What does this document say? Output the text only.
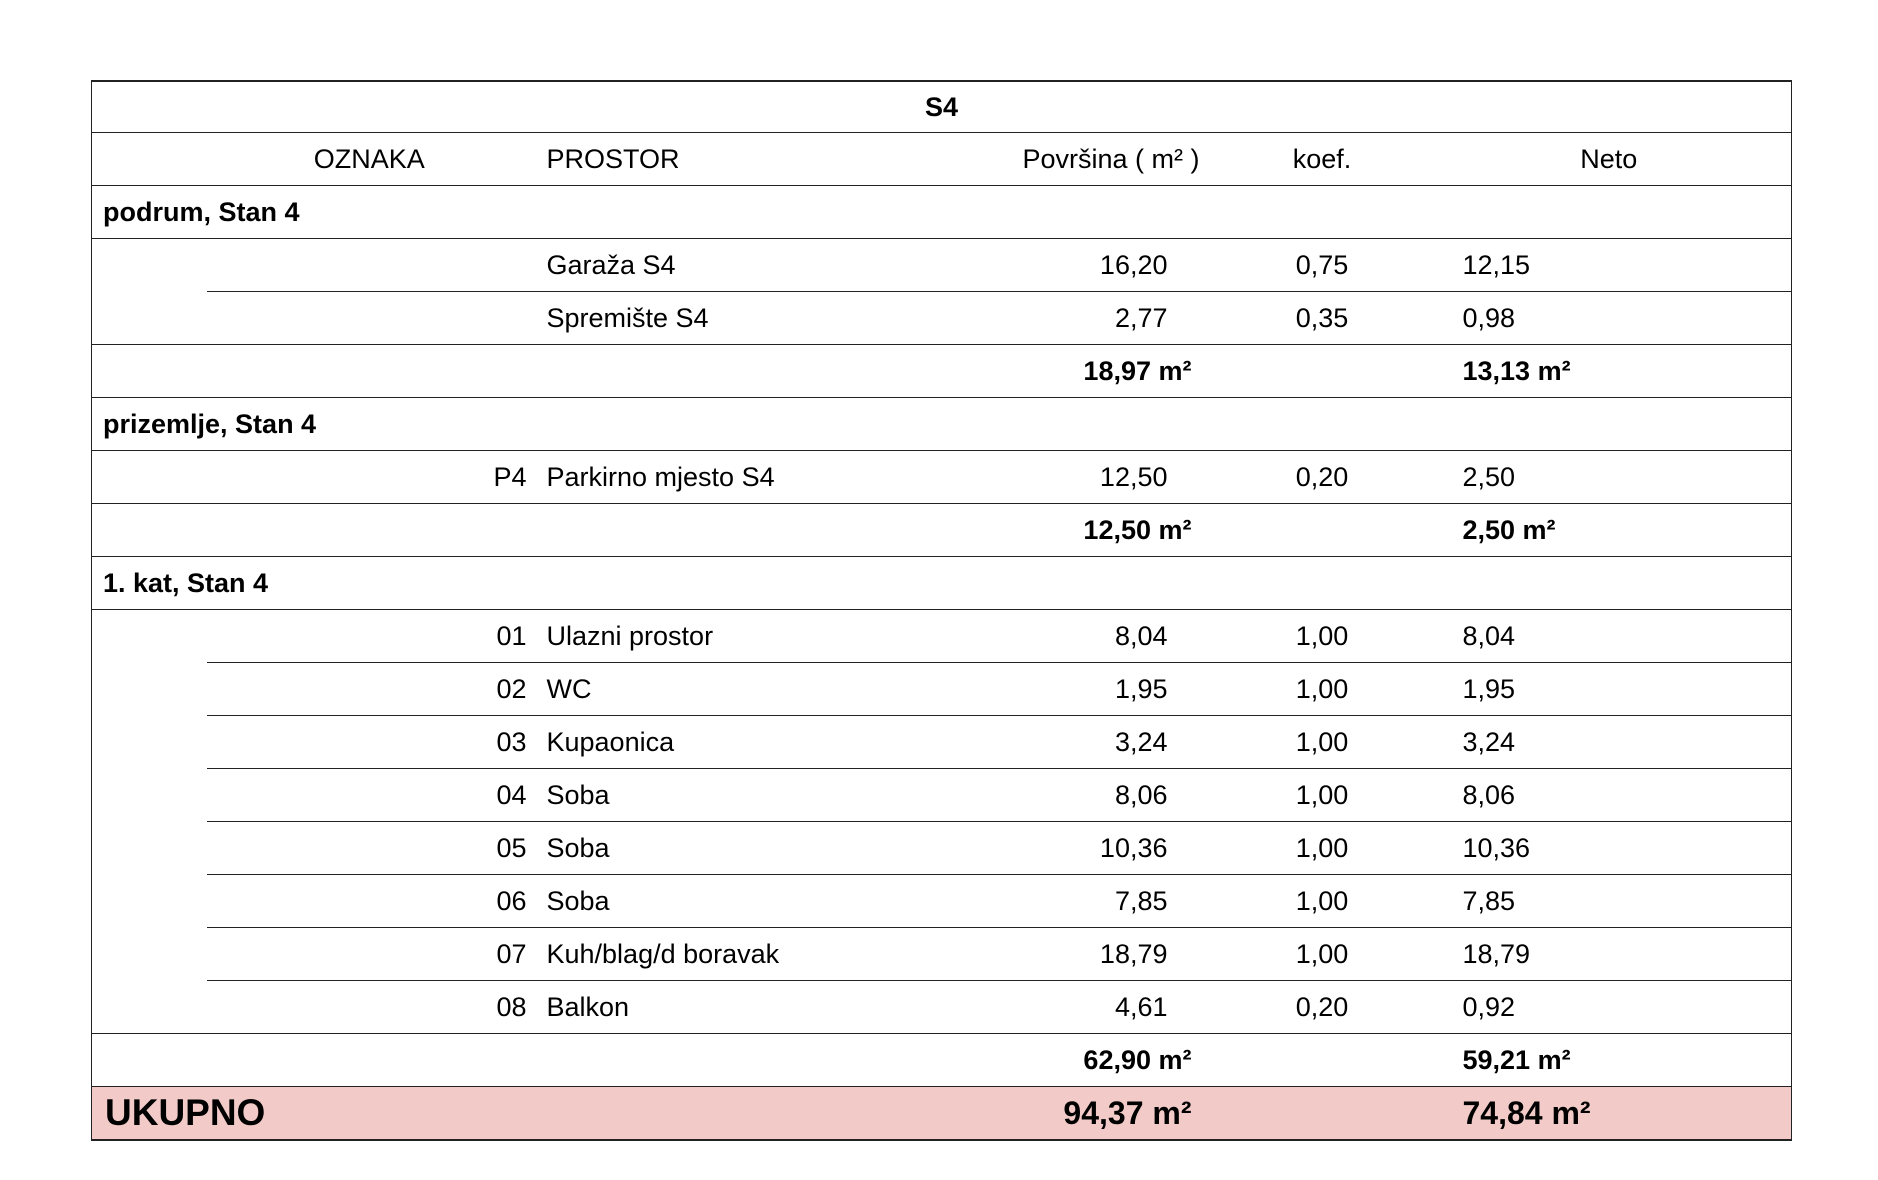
S4					
OZNAKA		PROSTOR	Površina ( m² )	koef.	Neto
podrum, Stan 4					
		Garaža S4	16,20	0,75	12,15
		Spremište S4	2,77	0,35	0,98
			18,97 m²		13,13 m²
prizemlje, Stan 4					
	P4	Parkirno mjesto S4	12,50	0,20	2,50
			12,50 m²		2,50 m²
1. kat, Stan 4					
	01	Ulazni prostor	8,04	1,00	8,04
	02	WC	1,95	1,00	1,95
	03	Kupaonica	3,24	1,00	3,24
	04	Soba	8,06	1,00	8,06
	05	Soba	10,36	1,00	10,36
	06	Soba	7,85	1,00	7,85
	07	Kuh/blag/d boravak	18,79	1,00	18,79
	08	Balkon	4,61	0,20	0,92
			62,90 m²		59,21 m²
UKUPNO			94,37 m²		74,84 m²
